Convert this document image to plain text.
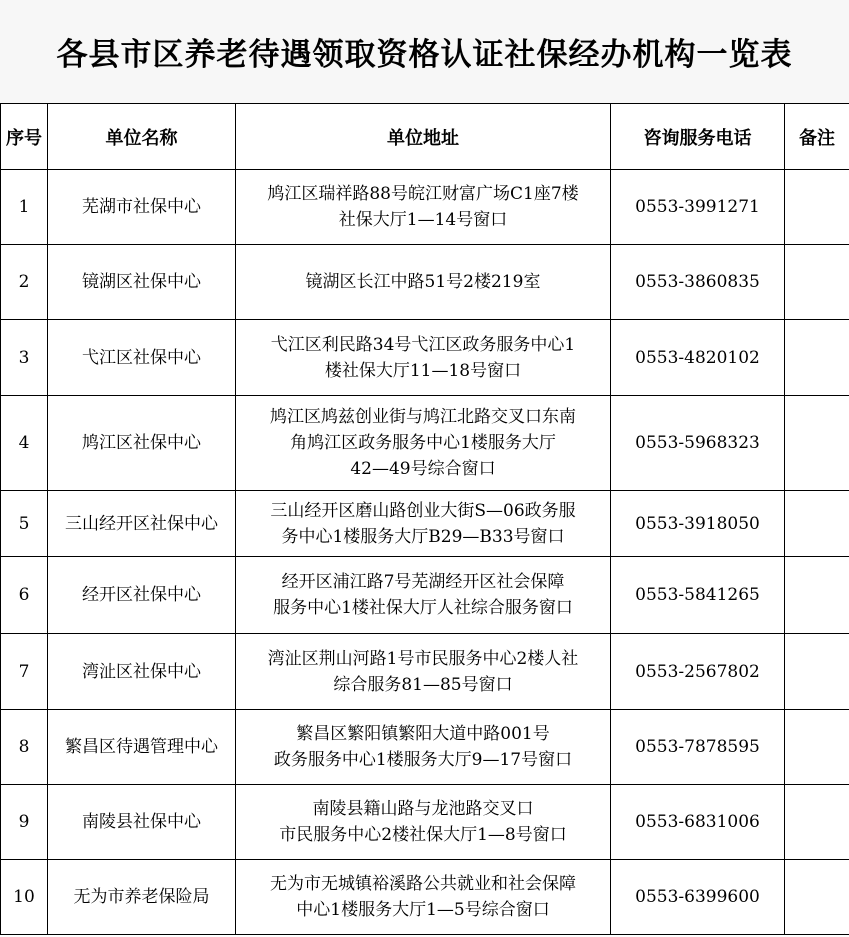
各县市区养老待遇领取资格认证社保经办机构一览表
序号	单位名称	单位地址	咨询服务电话	备注
1	芜湖市社保中心	鸠江区瑞祥路88号皖江财富广场C1座7楼
社保大厅1—14号窗口	0553-3991271	
2	镜湖区社保中心	镜湖区长江中路51号2楼219室	0553-3860835	
3	弋江区社保中心	弋江区利民路34号弋江区政务服务中心1
楼社保大厅11—18号窗口	0553-4820102	
4	鸠江区社保中心	鸠江区鸠兹创业街与鸠江北路交叉口东南
角鸠江区政务服务中心1楼服务大厅
42—49号综合窗口	0553-5968323	
5	三山经开区社保中心	三山经开区磨山路创业大街S—06政务服
务中心1楼服务大厅B29—B33号窗口	0553-3918050	
6	经开区社保中心	经开区浦江路7号芜湖经开区社会保障
服务中心1楼社保大厅人社综合服务窗口	0553-5841265	
7	湾沚区社保中心	湾沚区荆山河路1号市民服务中心2楼人社
综合服务81—85号窗口	0553-2567802	
8	繁昌区待遇管理中心	繁昌区繁阳镇繁阳大道中路001号
政务服务中心1楼服务大厅9—17号窗口	0553-7878595	
9	南陵县社保中心	南陵县籍山路与龙池路交叉口
市民服务中心2楼社保大厅1—8号窗口	0553-6831006	
10	无为市养老保险局	无为市无城镇裕溪路公共就业和社会保障
中心1楼服务大厅1—5号综合窗口	0553-6399600	
